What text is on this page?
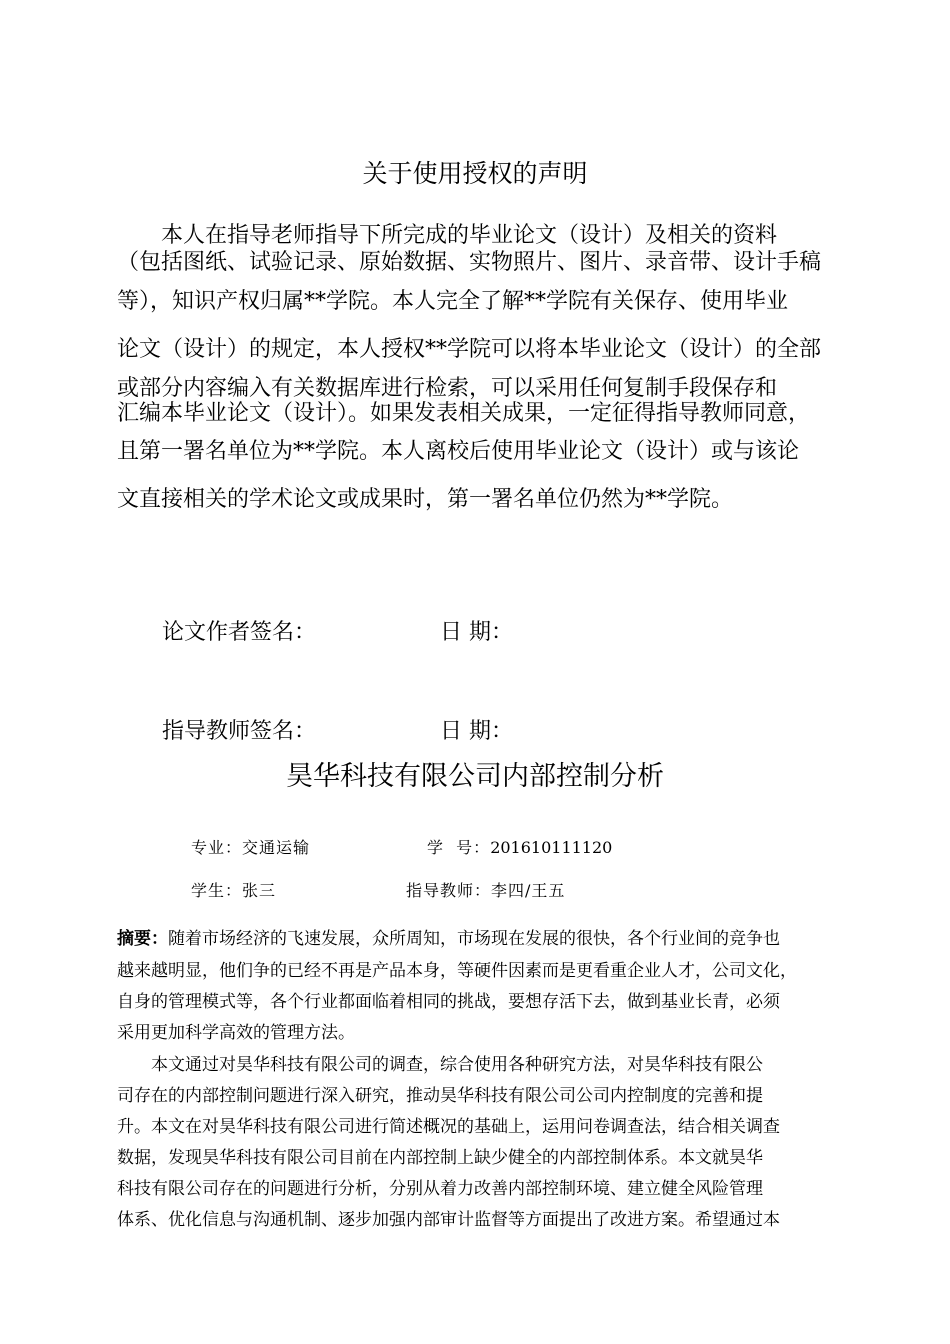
关于使用授权的声明
本人在指导老师指导下所完成的毕业论文（设计）及相关的资料
（包括图纸、试验记录、原始数据、实物照片、图片、录音带、设计手稿
等），知识产权归属**学院。本人完全了解**学院有关保存、使用毕业
论文（设计）的规定，本人授权**学院可以将本毕业论文（设计）的全部
或部分内容编入有关数据库进行检索，可以采用任何复制手段保存和
汇编本毕业论文（设计）。如果发表相关成果，一定征得指导教师同意，
且第一署名单位为**学院。本人离校后使用毕业论文（设计）或与该论
文直接相关的学术论文或成果时，第一署名单位仍然为**学院。
论文作者签名：	日 期：
指导教师签名：	日 期：
昊华科技有限公司内部控制分析
专业：交通运输	学  号：201610111120
学生：张三	指导教师：李四/王五
摘要：随着市场经济的飞速发展，众所周知，市场现在发展的很快，各个行业间的竞争也
越来越明显，他们争的已经不再是产品本身，等硬件因素而是更看重企业人才，公司文化，
自身的管理模式等，各个行业都面临着相同的挑战，要想存活下去，做到基业长青，必须
采用更加科学高效的管理方法。
本文通过对昊华科技有限公司的调查，综合使用各种研究方法，对昊华科技有限公
司存在的内部控制问题进行深入研究，推动昊华科技有限公司公司内控制度的完善和提
升。本文在对昊华科技有限公司进行简述概况的基础上，运用问卷调查法，结合相关调查
数据，发现昊华科技有限公司目前在内部控制上缺少健全的内部控制体系。本文就昊华
科技有限公司存在的问题进行分析，分别从着力改善内部控制环境、建立健全风险管理
体系、优化信息与沟通机制、逐步加强内部审计监督等方面提出了改进方案。希望通过本
